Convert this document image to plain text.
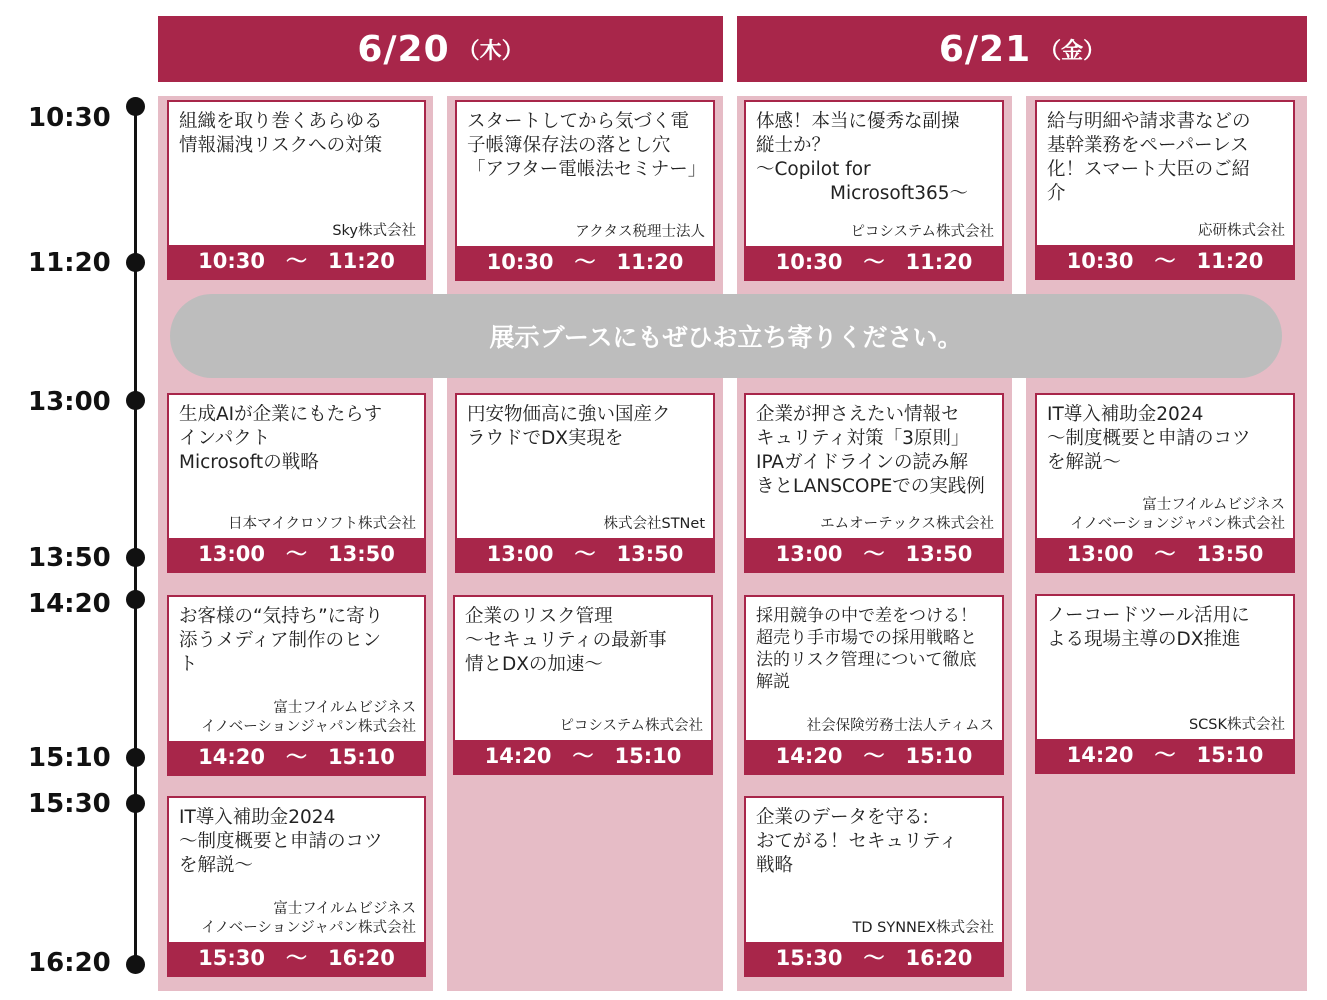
6/20 （木）	6/21 （金）
10:30
11:20
13:00
13:50
14:20
15:10
15:30
16:20
組織を取り巻くあらゆる
情報漏洩リスクへの対策
Sky株式会社
10:30　～　11:20
スタートしてから気づく電
子帳簿保存法の落とし穴
「アフター電帳法セミナー」
アクタス税理士法人
10:30　～　11:20
体感！本当に優秀な副操
縦士か？
～Copilot for
　　　　Microsoft365～
ピコシステム株式会社
10:30　～　11:20
給与明細や請求書などの
基幹業務をペーパーレス
化！スマート大臣のご紹
介
応研株式会社
10:30　～　11:20
展示ブースにもぜひお立ち寄りください。
生成AIが企業にもたらす
インパクト
Microsoftの戦略
日本マイクロソフト株式会社
13:00　～　13:50
円安物価高に強い国産ク
ラウドでDX実現を
株式会社STNet
13:00　～　13:50
企業が押さえたい情報セ
キュリティ対策「3原則」
IPAガイドラインの読み解
きとLANSCOPEでの実践例
エムオーテックス株式会社
13:00　～　13:50
IT導入補助金2024
～制度概要と申請のコツ
を解説～
富士フイルムビジネス
イノベーションジャパン株式会社
13:00　～　13:50
お客様の“気持ち”に寄り
添うメディア制作のヒン
ト
富士フイルムビジネス
イノベーションジャパン株式会社
14:20　～　15:10
企業のリスク管理
～セキュリティの最新事
情とDXの加速～
ピコシステム株式会社
14:20　～　15:10
採用競争の中で差をつける！
超売り手市場での採用戦略と
法的リスク管理について徹底
解説
社会保険労務士法人ティムス
14:20　～　15:10
ノーコードツール活用に
よる現場主導のDX推進
SCSK株式会社
14:20　～　15:10
IT導入補助金2024
～制度概要と申請のコツ
を解説～
富士フイルムビジネス
イノベーションジャパン株式会社
15:30　～　16:20
企業のデータを守る:
おてがる！セキュリティ
戦略
TD SYNNEX株式会社
15:30　～　16:20
